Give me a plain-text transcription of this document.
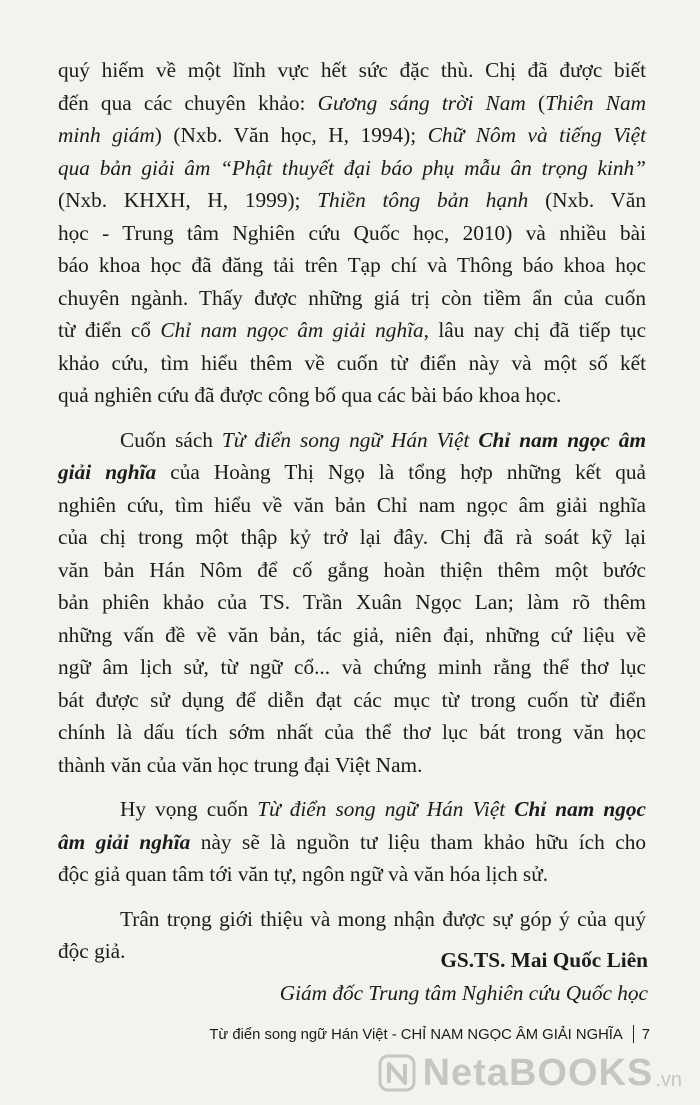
quý hiếm về một lĩnh vực hết sức đặc thù. Chị đã được biết
đến qua các chuyên khảo: Gương sáng trời Nam (Thiên Nam
minh giám) (Nxb. Văn học, H, 1994); Chữ Nôm và tiếng Việt
qua bản giải âm “Phật thuyết đại báo phụ mẫu ân trọng kinh”
(Nxb. KHXH, H, 1999); Thiền tông bản hạnh (Nxb. Văn
học - Trung tâm Nghiên cứu Quốc học, 2010) và nhiều bài
báo khoa học đã đăng tải trên Tạp chí và Thông báo khoa học
chuyên ngành. Thấy được những giá trị còn tiềm ẩn của cuốn
từ điển cổ Chỉ nam ngọc âm giải nghĩa, lâu nay chị đã tiếp tục
khảo cứu, tìm hiểu thêm về cuốn từ điển này và một số kết
quả nghiên cứu đã được công bố qua các bài báo khoa học.
Cuốn sách Từ điển song ngữ Hán Việt Chỉ nam ngọc âm
giải nghĩa của Hoàng Thị Ngọ là tổng hợp những kết quả
nghiên cứu, tìm hiểu về văn bản Chỉ nam ngọc âm giải nghĩa
của chị trong một thập kỷ trở lại đây. Chị đã rà soát kỹ lại
văn bản Hán Nôm để cố gắng hoàn thiện thêm một bước
bản phiên khảo của TS. Trần Xuân Ngọc Lan; làm rõ thêm
những vấn đề về văn bản, tác giả, niên đại, những cứ liệu về
ngữ âm lịch sử, từ ngữ cổ... và chứng minh rằng thể thơ lục
bát được sử dụng để diễn đạt các mục từ trong cuốn từ điển
chính là dấu tích sớm nhất của thể thơ lục bát trong văn học
thành văn của văn học trung đại Việt Nam.
Hy vọng cuốn Từ điển song ngữ Hán Việt Chỉ nam ngọc
âm giải nghĩa này sẽ là nguồn tư liệu tham khảo hữu ích cho
độc giả quan tâm tới văn tự, ngôn ngữ và văn hóa lịch sử.
Trân trọng giới thiệu và mong nhận được sự góp ý của quý
độc giả.	GS.TS. Mai Quốc Liên
Giám đốc Trung tâm Nghiên cứu Quốc học
Từ điển song ngữ Hán Việt - CHỈ NAM NGỌC ÂM GIẢI NGHĨA 7
NetaBOOKS .vn
